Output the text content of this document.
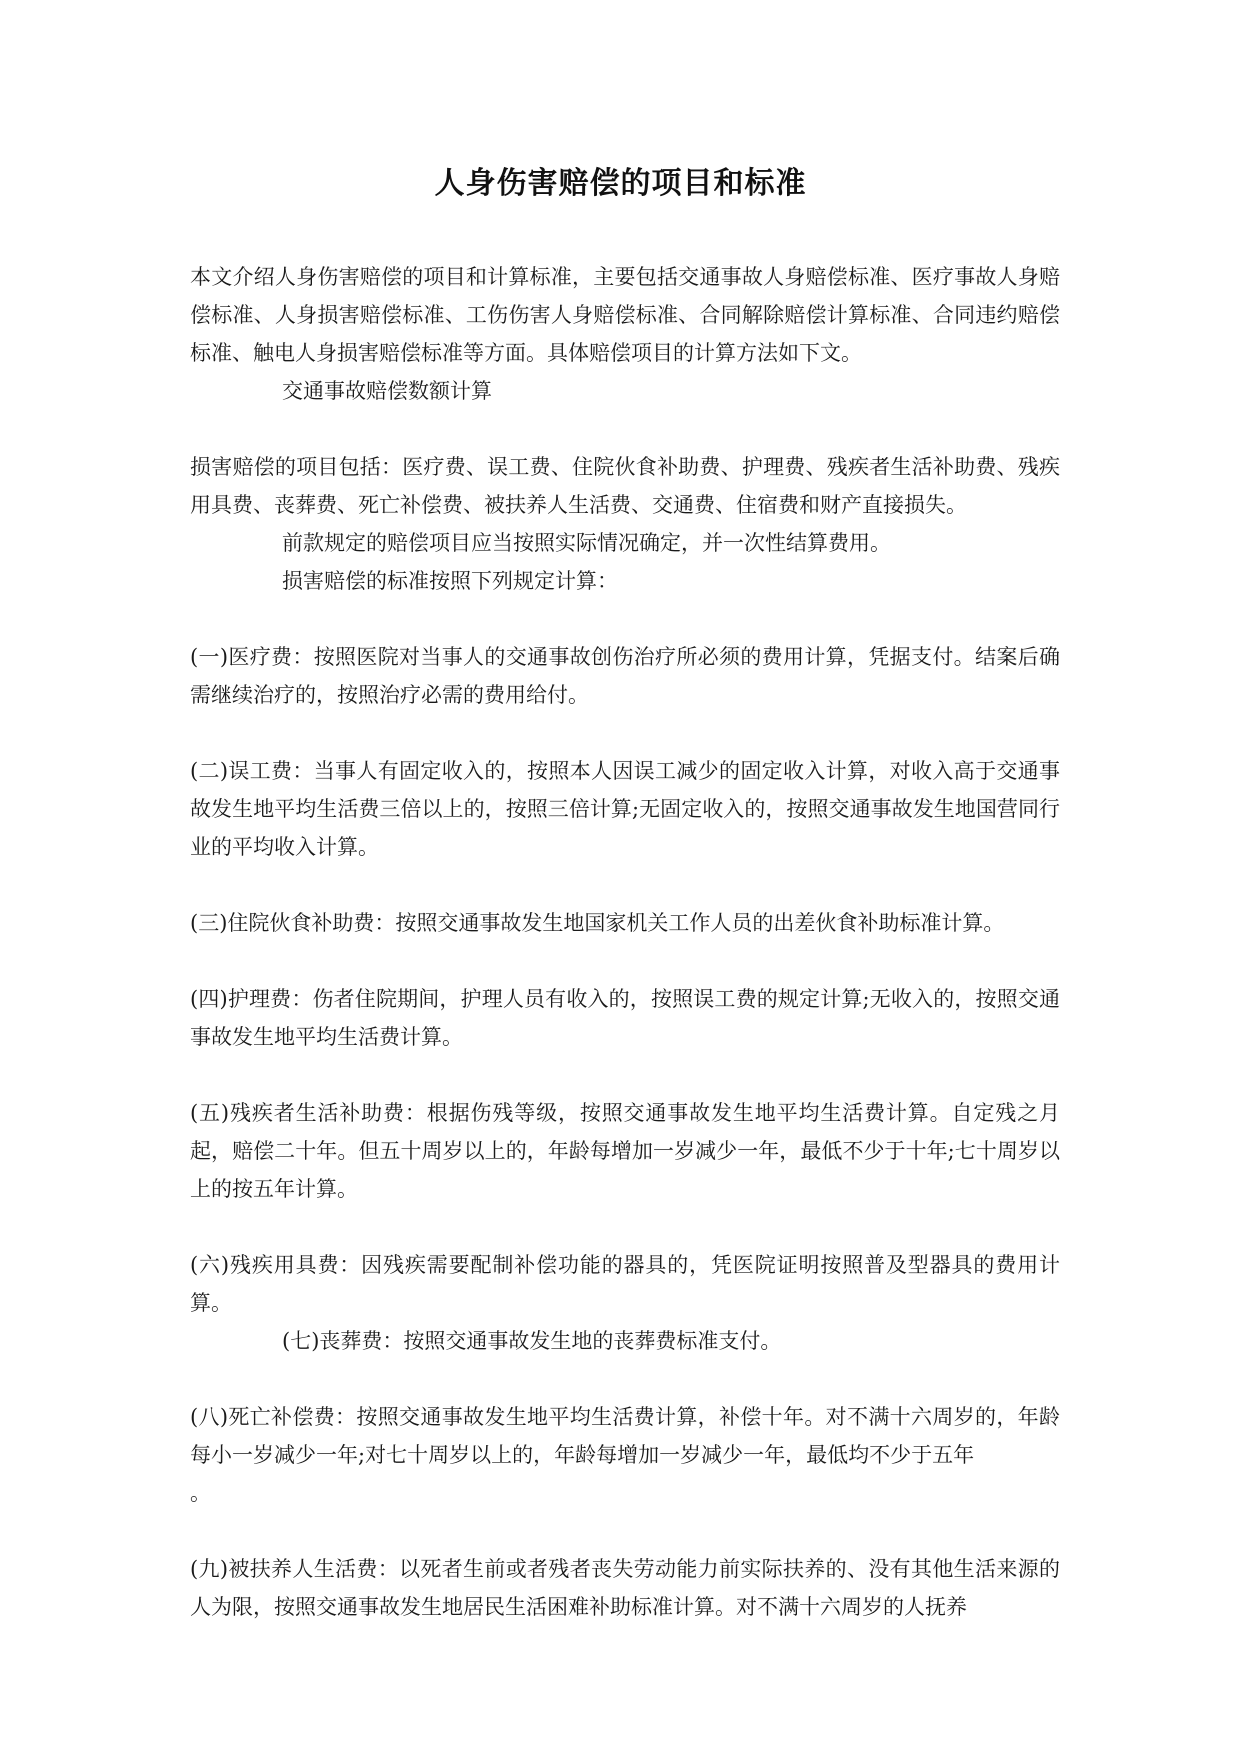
人身伤害赔偿的项目和标准

本文介绍人身伤害赔偿的项目和计算标准，主要包括交通事故人身赔偿标准、医疗事故人身赔偿标准、人身损害赔偿标准、工伤伤害人身赔偿标准、合同解除赔偿计算标准、合同违约赔偿标准、触电人身损害赔偿标准等方面。具体赔偿项目的计算方法如下文。

交通事故赔偿数额计算

损害赔偿的项目包括：医疗费、误工费、住院伙食补助费、护理费、残疾者生活补助费、残疾用具费、丧葬费、死亡补偿费、被扶养人生活费、交通费、住宿费和财产直接损失。

前款规定的赔偿项目应当按照实际情况确定，并一次性结算费用。

损害赔偿的标准按照下列规定计算：

(一)医疗费：按照医院对当事人的交通事故创伤治疗所必须的费用计算，凭据支付。结案后确需继续治疗的，按照治疗必需的费用给付。

(二)误工费：当事人有固定收入的，按照本人因误工减少的固定收入计算，对收入高于交通事故发生地平均生活费三倍以上的，按照三倍计算;无固定收入的，按照交通事故发生地国营同行业的平均收入计算。

(三)住院伙食补助费：按照交通事故发生地国家机关工作人员的出差伙食补助标准计算。

(四)护理费：伤者住院期间，护理人员有收入的，按照误工费的规定计算;无收入的，按照交通事故发生地平均生活费计算。

(五)残疾者生活补助费：根据伤残等级，按照交通事故发生地平均生活费计算。自定残之月起，赔偿二十年。但五十周岁以上的，年龄每增加一岁减少一年，最低不少于十年;七十周岁以上的按五年计算。

(六)残疾用具费：因残疾需要配制补偿功能的器具的，凭医院证明按照普及型器具的费用计算。

(七)丧葬费：按照交通事故发生地的丧葬费标准支付。

(八)死亡补偿费：按照交通事故发生地平均生活费计算，补偿十年。对不满十六周岁的，年龄每小一岁减少一年;对七十周岁以上的，年龄每增加一岁减少一年，最低均不少于五年

。

(九)被扶养人生活费：以死者生前或者残者丧失劳动能力前实际扶养的、没有其他生活来源的人为限，按照交通事故发生地居民生活困难补助标准计算。对不满十六周岁的人抚养
